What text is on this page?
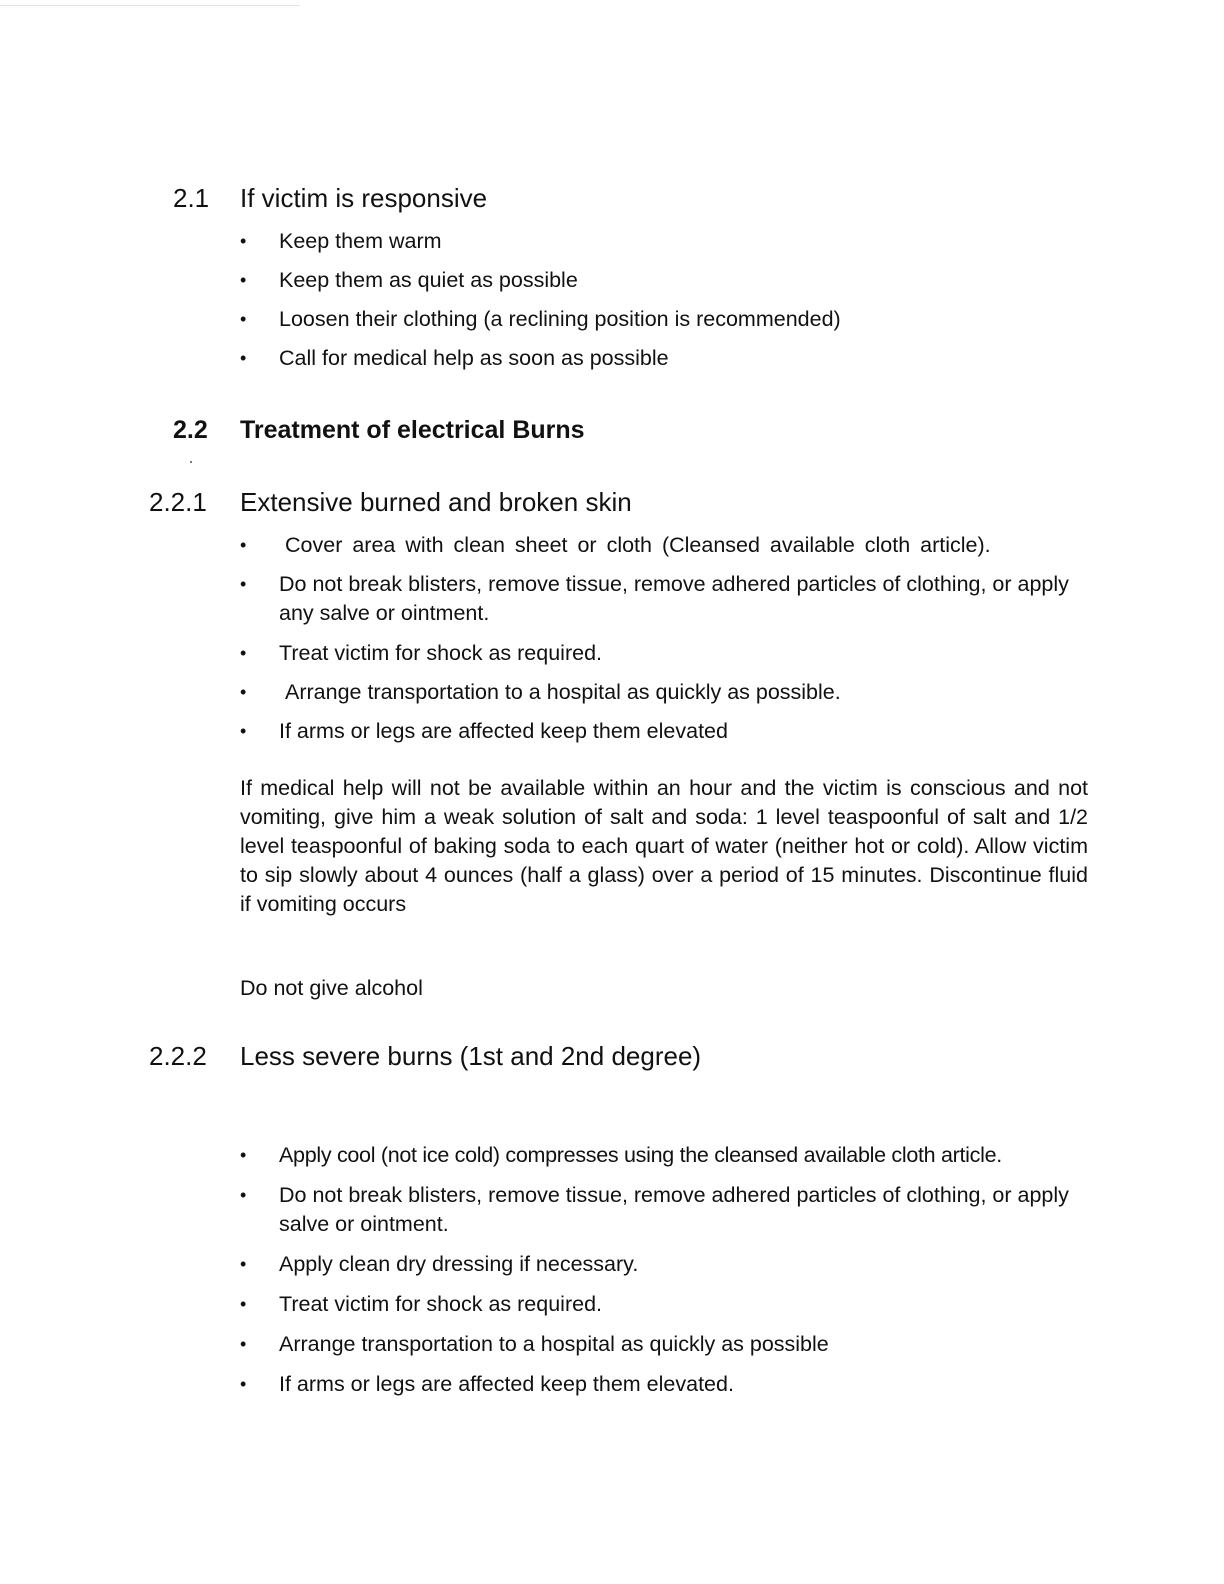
2.1 If victim is responsive
• Keep them warm
• Keep them as quiet as possible
• Loosen their clothing (a reclining position is recommended)
• Call for medical help as soon as possible
2.2 Treatment of electrical Burns
2.2.1 Extensive burned and broken skin
• Cover area with clean sheet or cloth (Cleansed available cloth article).
• Do not break blisters, remove tissue, remove adhered particles of clothing, or apply any salve or ointment.
• Treat victim for shock as required.
• Arrange transportation to a hospital as quickly as possible.
• If arms or legs are affected keep them elevated

If medical help will not be available within an hour and the victim is conscious and not vomiting, give him a weak solution of salt and soda: 1 level teaspoonful of salt and 1/2 level teaspoonful of baking soda to each quart of water (neither hot or cold). Allow victim to sip slowly about 4 ounces (half a glass) over a period of 15 minutes. Discontinue fluid if vomiting occurs

Do not give alcohol

2.2.2 Less severe burns (1st and 2nd degree)
• Apply cool (not ice cold) compresses using the cleansed available cloth article.
• Do not break blisters, remove tissue, remove adhered particles of clothing, or apply salve or ointment.
• Apply clean dry dressing if necessary.
• Treat victim for shock as required.
• Arrange transportation to a hospital as quickly as possible
• If arms or legs are affected keep them elevated.
